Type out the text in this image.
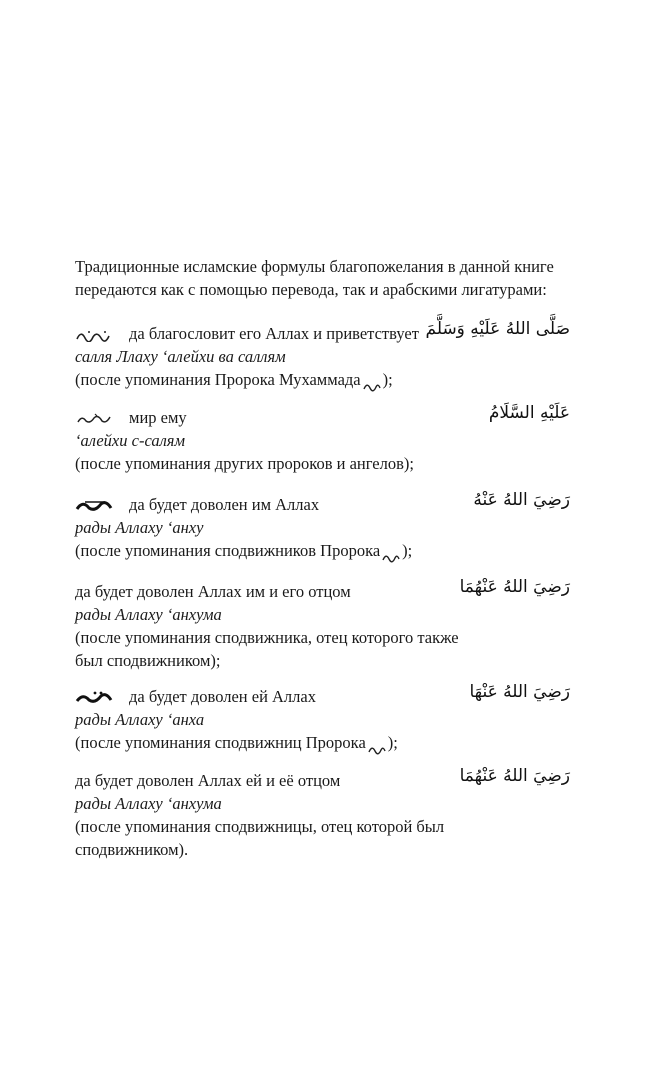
Традиционные исламские формулы благопожелания в данной книге

передаются как с помощью перевода, так и арабскими лигатурами:

да благословит его Аллах и приветствует صَلَّى اللهُ عَلَيْهِ وَسَلَّمَ
салля Ллаху ʻалейхи ва саллям
(после упоминания Пророка Мухаммада );
мир ему	عَلَيْهِ السَّلَامُ
ʻалейхи с-салям
(после упоминания других пророков и ангелов);
да будет доволен им Аллах	رَضِيَ اللهُ عَنْهُ
рады Аллаху ʻанху
(после упоминания сподвижников Пророка );
да будет доволен Аллах им и его отцом	رَضِيَ اللهُ عَنْهُمَا
рады Аллаху ʻанхума
(после упоминания сподвижника, отец которого также
был сподвижником);
да будет доволен ей Аллах	رَضِيَ اللهُ عَنْهَا
рады Аллаху ʻанха
(после упоминания сподвижниц Пророка );
да будет доволен Аллах ей и её отцом	رَضِيَ اللهُ عَنْهُمَا
рады Аллаху ʻанхума
(после упоминания сподвижницы, отец которой был
сподвижником).
